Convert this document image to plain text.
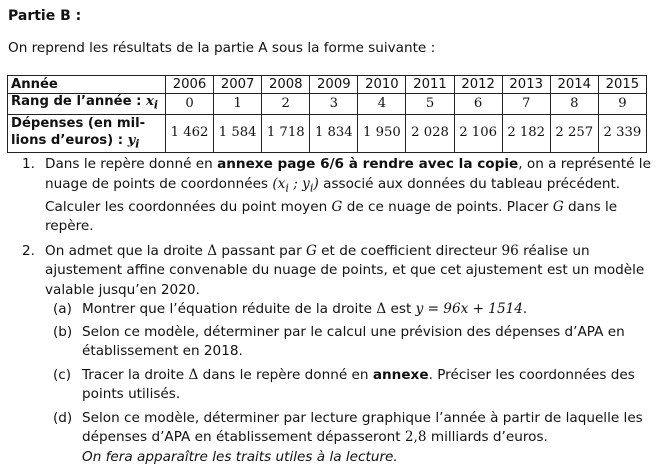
Partie B :
On reprend les résultats de la partie A sous la forme suivante :
Année	2006	2007	2008	2009	2010	2011	2012	2013	2014	2015
Rang de l’année : $x_i$	0	1	2	3	4	5	6	7	8	9
Dépenses (en mil-
lions d’euros) : $y_i$	1 462	1 584	1 718	1 834	1 950	2 028	2 106	2 182	2 257	2 339
1. Dans le repère donné en annexe page 6/6 à rendre avec la copie, on a représenté le nuage de points de coordonnées ($x_i$ ; $y_i$) associé aux données du tableau précédent. Calculer les coordonnées du point moyen G de ce nuage de points. Placer G dans le repère.
2. On admet que la droite Δ passant par G et de coefficient directeur 96 réalise un ajustement affine convenable du nuage de points, et que cet ajustement est un modèle valable jusqu’en 2020.
(a) Montrer que l’équation réduite de la droite Δ est y = 96x + 1514.
(b) Selon ce modèle, déterminer par le calcul une prévision des dépenses d’APA en établissement en 2018.
(c) Tracer la droite Δ dans le repère donné en annexe. Préciser les coordonnées des points utilisés.
(d) Selon ce modèle, déterminer par lecture graphique l’année à partir de laquelle les dépenses d’APA en établissement dépasseront 2,8 milliards d’euros.
On fera apparaître les traits utiles à la lecture.
